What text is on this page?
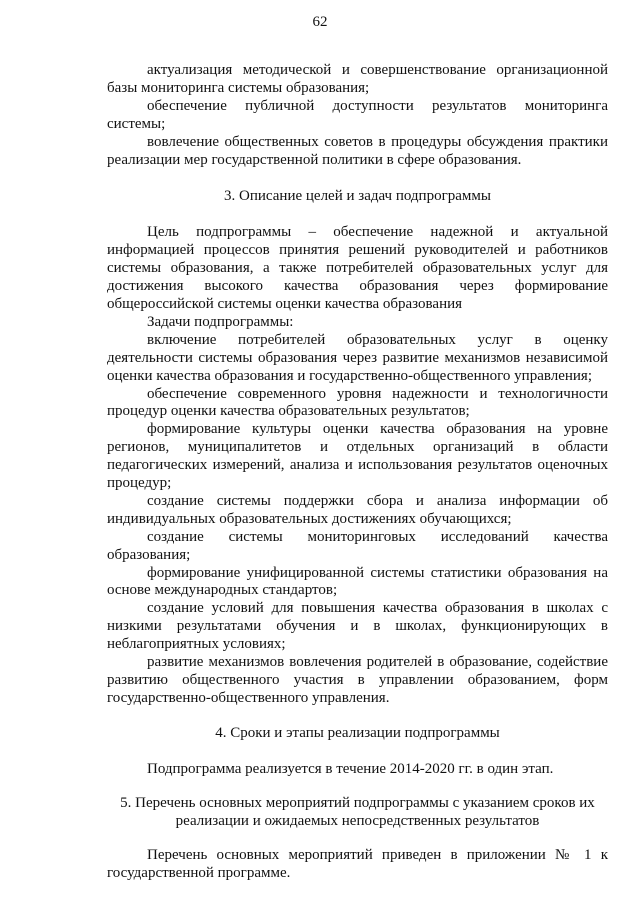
62

актуализация методической и совершенствование организационной базы мониторинга системы образования;

обеспечение публичной доступности результатов мониторинга системы;

вовлечение общественных советов в процедуры обсуждения практики реализации мер государственной политики в сфере образования.

3. Описание целей и задач подпрограммы

Цель подпрограммы – обеспечение надежной и актуальной информацией процессов принятия решений руководителей и работников системы образования, а также потребителей образовательных услуг для достижения высокого качества образования через формирование общероссийской системы оценки качества образования

Задачи подпрограммы:

включение потребителей образовательных услуг в оценку деятельности системы образования через развитие механизмов независимой оценки качества образования и государственно-общественного управления;

обеспечение современного уровня надежности и технологичности процедур оценки качества образовательных результатов;

формирование культуры оценки качества образования на уровне регионов, муниципалитетов и отдельных организаций в области педагогических измерений, анализа и использования результатов оценочных процедур;

создание системы поддержки сбора и анализа информации об индивидуальных образовательных достижениях обучающихся;

создание системы мониторинговых исследований качества образования;

формирование унифицированной системы статистики образования на основе международных стандартов;

создание условий для повышения качества образования в школах с низкими результатами обучения и в школах, функционирующих в неблагоприятных условиях;

развитие механизмов вовлечения родителей в образование, содействие развитию общественного участия в управлении образованием, форм государственно-общественного управления.

4. Сроки и этапы реализации подпрограммы

Подпрограмма реализуется в течение 2014-2020 гг. в один этап.

5. Перечень основных мероприятий подпрограммы с указанием сроков их

реализации и ожидаемых непосредственных результатов

Перечень основных мероприятий приведен в приложении № 1 к государственной программе.
